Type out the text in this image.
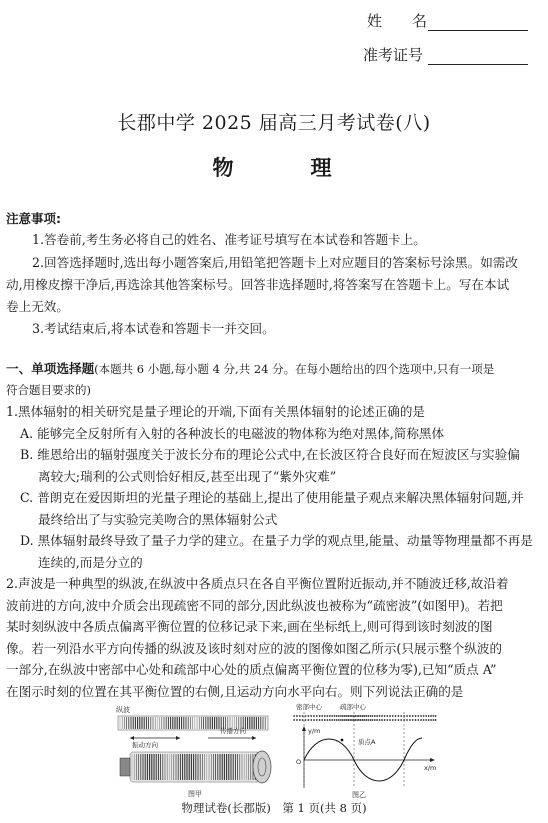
姓　　名
准考证号
长郡中学 2025 届高三月考试卷(八)
物　理
注意事项:
1.答卷前,考生务必将自己的姓名、准考证号填写在本试卷和答题卡上。
2.回答选择题时,选出每小题答案后,用铅笔把答题卡上对应题目的答案标号涂黑。如需改
动,用橡皮擦干净后,再选涂其他答案标号。回答非选择题时,将答案写在答题卡上。写在本试
卷上无效。
3.考试结束后,将本试卷和答题卡一并交回。
一、单项选择题(本题共 6 小题,每小题 4 分,共 24 分。在每小题给出的四个选项中,只有一项是
符合题目要求的)
1.黑体辐射的相关研究是量子理论的开端,下面有关黑体辐射的论述正确的是
A. 能够完全反射所有入射的各种波长的电磁波的物体称为绝对黑体,简称黑体
B. 维恩给出的辐射强度关于波长分布的理论公式中,在长波区符合良好而在短波区与实验偏
离较大;瑞利的公式则恰好相反,甚至出现了“紫外灾难”
C. 普朗克在爱因斯坦的光量子理论的基础上,提出了使用能量子观点来解决黑体辐射问题,并
最终给出了与实验完美吻合的黑体辐射公式
D. 黑体辐射最终导致了量子力学的建立。在量子力学的观点里,能量、动量等物理量都不再是
连续的,而是分立的
2.声波是一种典型的纵波,在纵波中各质点只在各自平衡位置附近振动,并不随波迁移,故沿着
波前进的方向,波中介质会出现疏密不同的部分,因此纵波也被称为“疏密波”(如图甲)。若把
某时刻纵波中各质点偏离平衡位置的位移记录下来,画在坐标纸上,则可得到该时刻波的图
像。若一列沿水平方向传播的纵波及该时刻对应的波的图像如图乙所示(只展示整个纵波的
一部分,在纵波中密部中心处和疏部中心处的质点偏离平衡位置的位移为零),已知“质点 A”
在图示时刻的位置在其平衡位置的右侧,且运动方向水平向右。则下列说法正确的是
纵波
振动方向
传播方向
图甲
密部中心	疏部中心
y/m
x/m
O
质点A
图乙
物理试卷(长郡版)　第 1 页(共 8 页)
